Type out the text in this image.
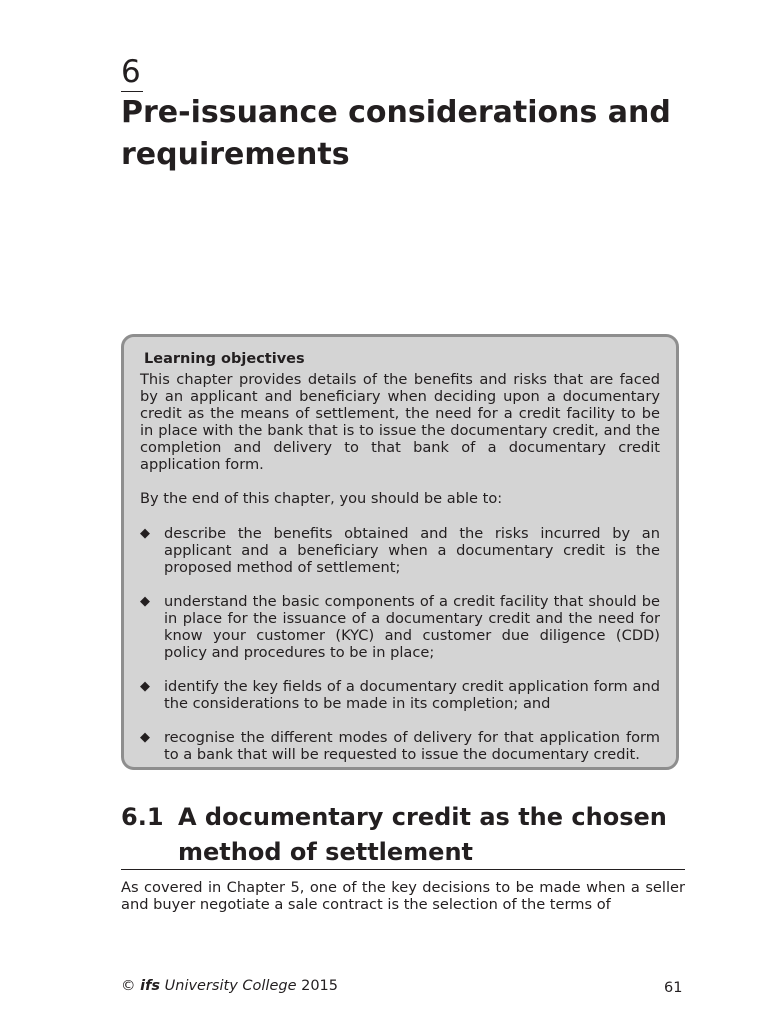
6
Pre-issuance considerations and requirements
Learning objectives

This chapter provides details of the benefits and risks that are faced by an applicant and beneficiary when deciding upon a documentary credit as the means of settlement, the need for a credit facility to be in place with the bank that is to issue the documentary credit, and the completion and delivery to that bank of a documentary credit application form.

By the end of this chapter, you should be able to:

◆ describe the benefits obtained and the risks incurred by an applicant and a beneficiary when a documentary credit is the proposed method of settlement;
◆ understand the basic components of a credit facility that should be in place for the issuance of a documentary credit and the need for know your customer (KYC) and customer due diligence (CDD) policy and procedures to be in place;
◆ identify the key fields of a documentary credit application form and the considerations to be made in its completion; and
◆ recognise the different modes of delivery for that application form to a bank that will be requested to issue the documentary credit.
6.1 A documentary credit as the chosen method of settlement

As covered in Chapter 5, one of the key decisions to be made when a seller and buyer negotiate a sale contract is the selection of the terms of

© ifs University College 2015	61
